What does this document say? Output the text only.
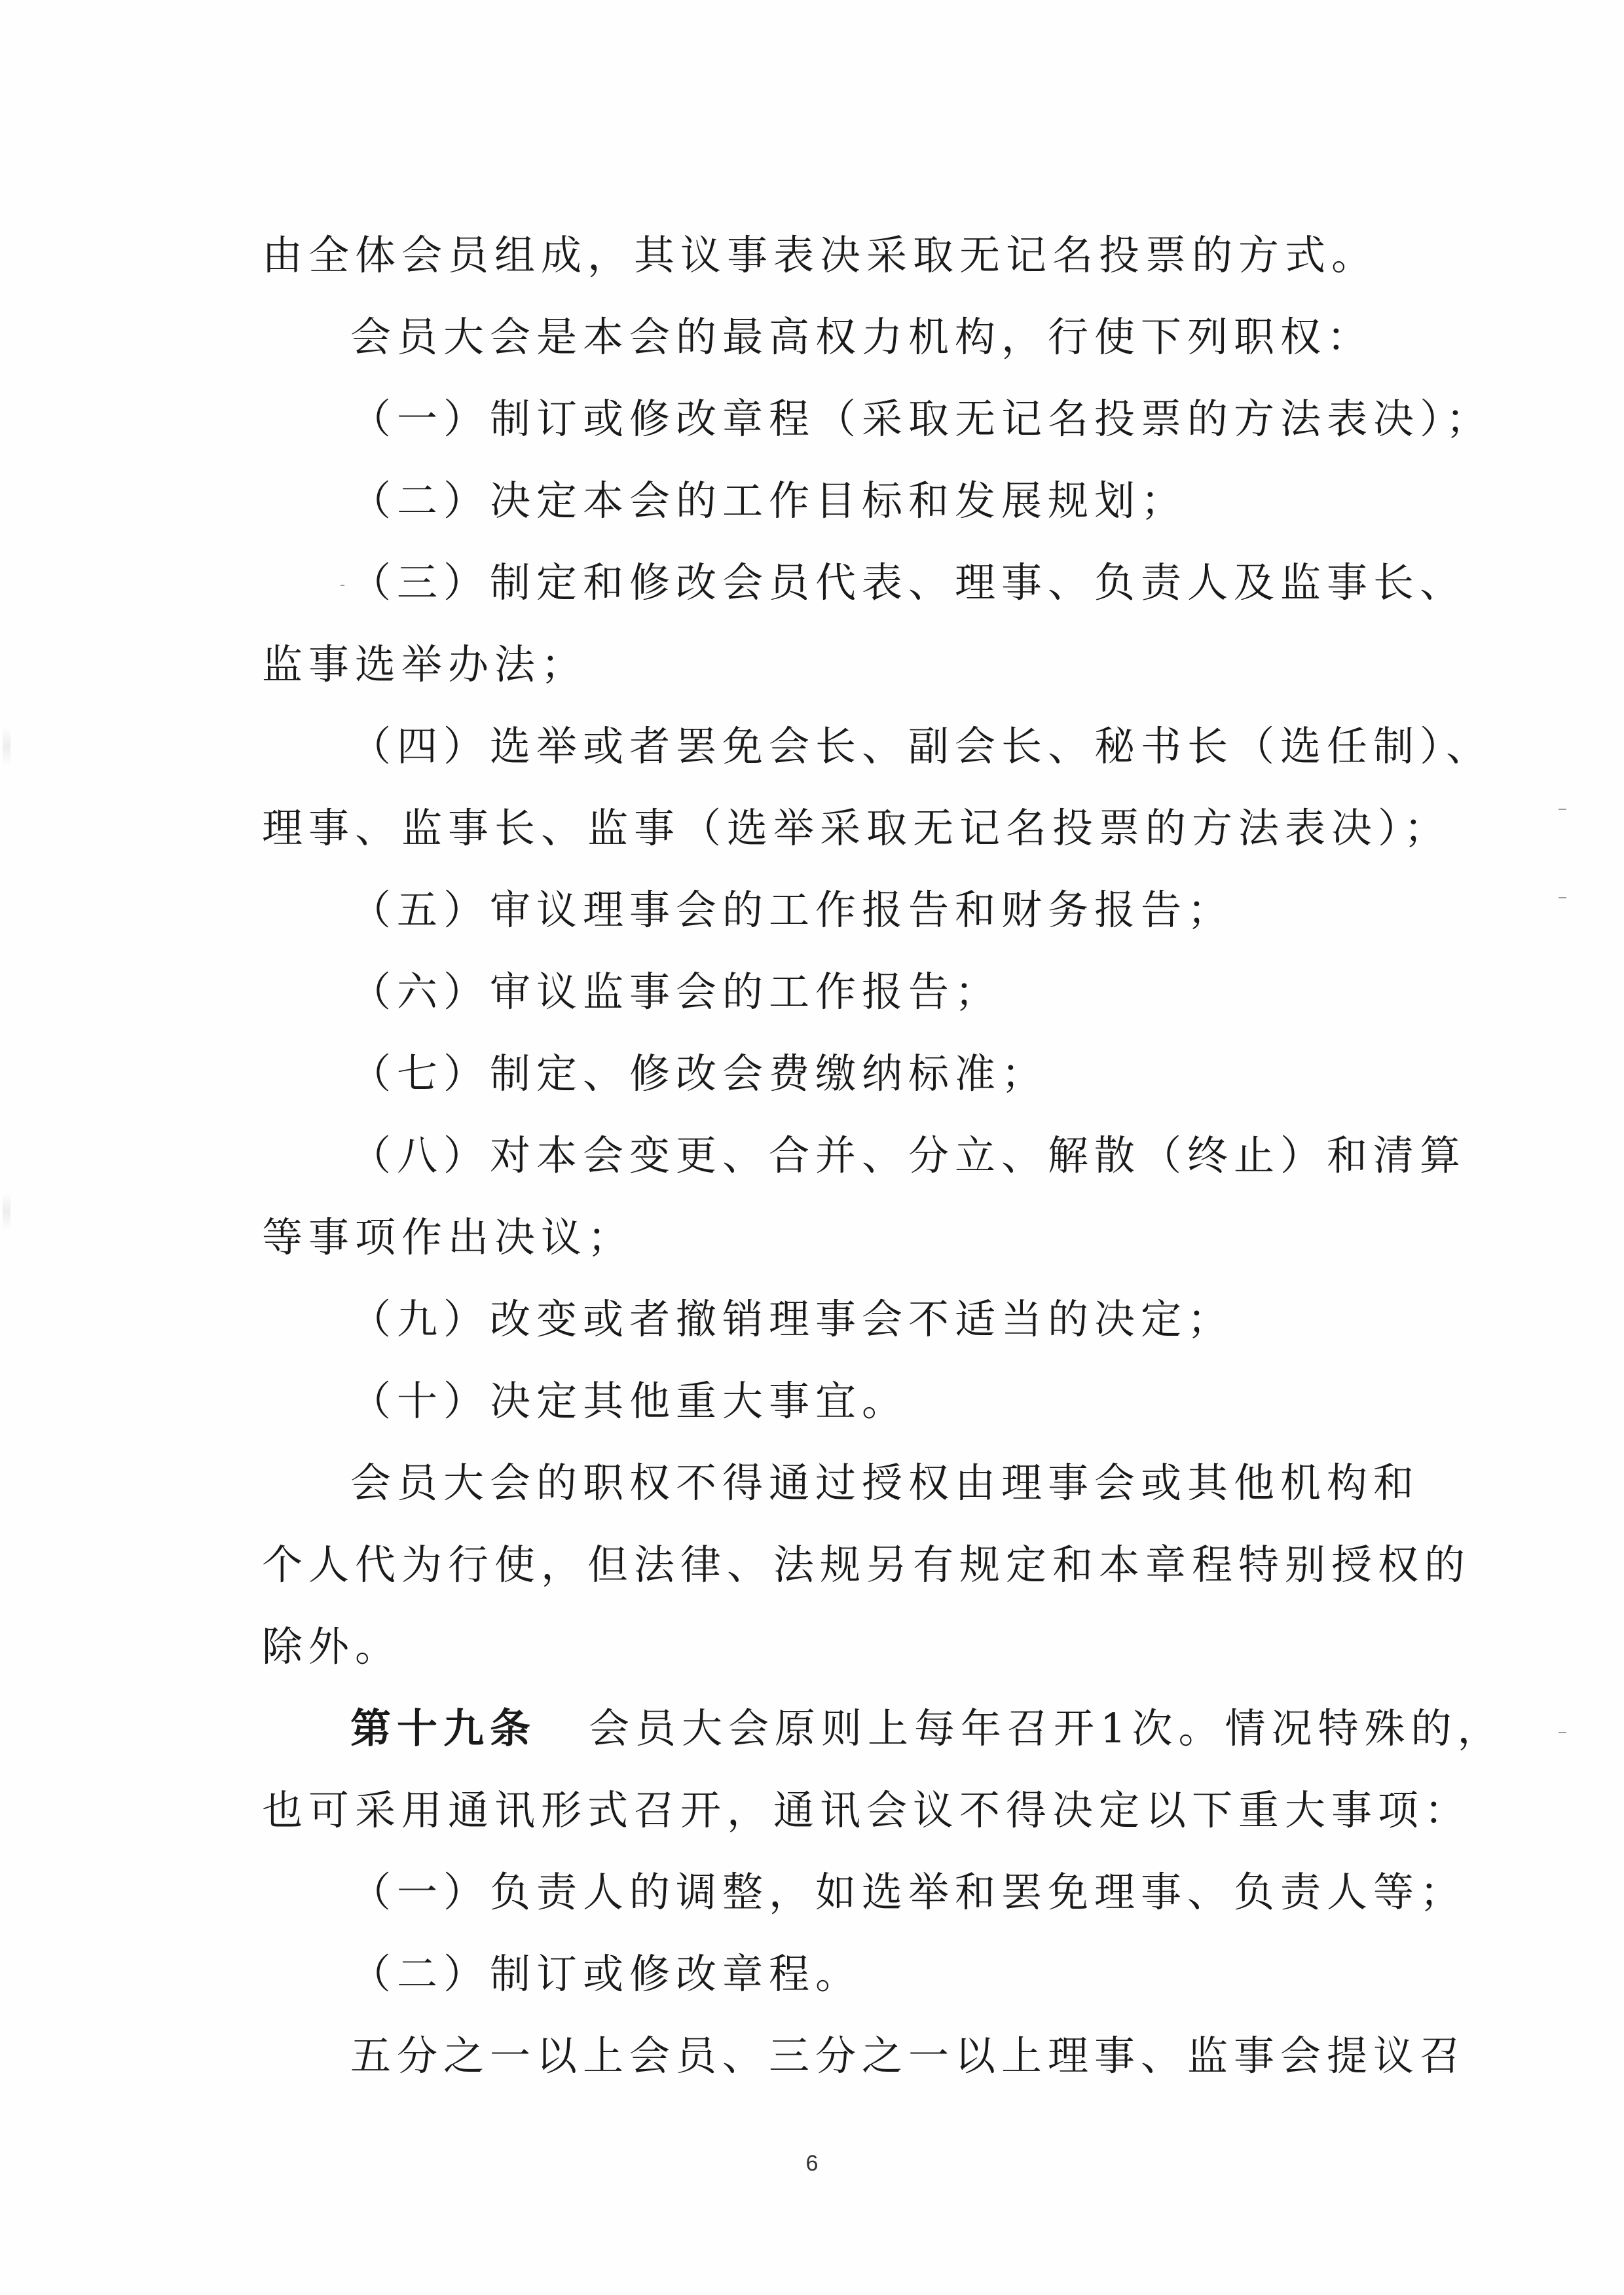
由全体会员组成，其议事表决采取无记名投票的方式。
会员大会是本会的最高权力机构，行使下列职权：
（一）制订或修改章程（采取无记名投票的方法表决）；
（二）决定本会的工作目标和发展规划；
（三）制定和修改会员代表、理事、负责人及监事长、
监事选举办法；
（四）选举或者罢免会长、副会长、秘书长（选任制）、
理事、监事长、监事（选举采取无记名投票的方法表决）；
（五）审议理事会的工作报告和财务报告；
（六）审议监事会的工作报告；
（七）制定、修改会费缴纳标准；
（八）对本会变更、合并、分立、解散（终止）和清算
等事项作出决议；
（九）改变或者撤销理事会不适当的决定；
（十）决定其他重大事宜。
会员大会的职权不得通过授权由理事会或其他机构和
个人代为行使，但法律、法规另有规定和本章程特别授权的
除外。
第十九条 会员大会原则上每年召开1次。情况特殊的，
也可采用通讯形式召开，通讯会议不得决定以下重大事项：
（一）负责人的调整，如选举和罢免理事、负责人等；
（二）制订或修改章程。
五分之一以上会员、三分之一以上理事、监事会提议召
6
